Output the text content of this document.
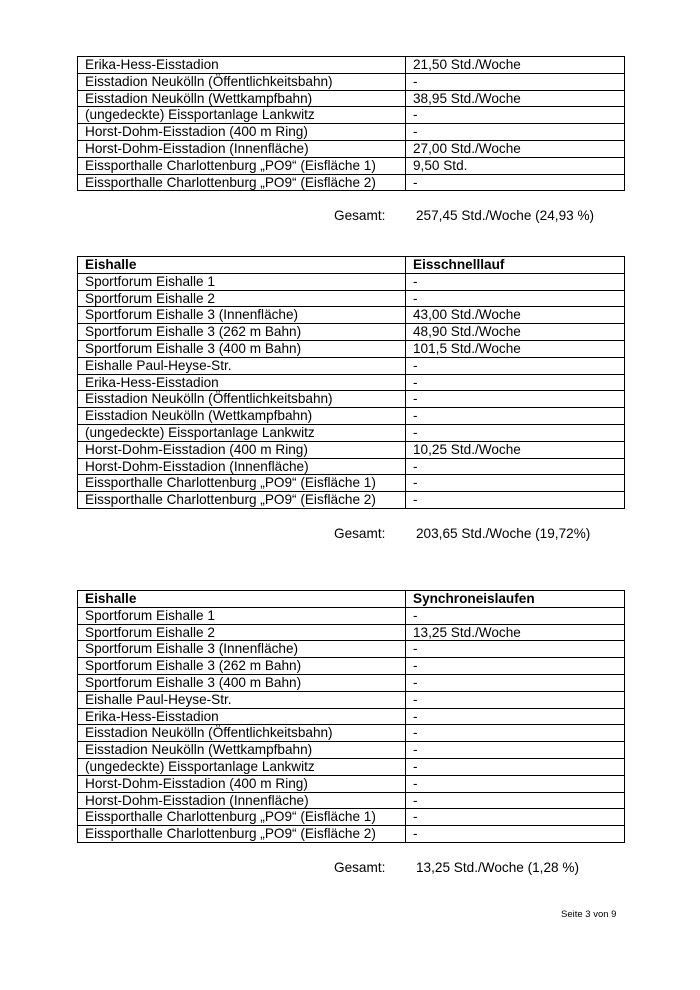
Erika-Hess-Eisstadion	21,50 Std./Woche
Eisstadion Neukölln (Öffentlichkeitsbahn)	-
Eisstadion Neukölln (Wettkampfbahn)	38,95 Std./Woche
(ungedeckte) Eissportanlage Lankwitz	-
Horst-Dohm-Eisstadion (400 m Ring)	-
Horst-Dohm-Eisstadion (Innenfläche)	27,00 Std./Woche
Eissporthalle Charlottenburg „PO9“ (Eisfläche 1)	9,50 Std.
Eissporthalle Charlottenburg „PO9“ (Eisfläche 2)	-
Gesamt: 257,45 Std./Woche (24,93 %)
Eishalle	Eisschnelllauf
Sportforum Eishalle 1	-
Sportforum Eishalle 2	-
Sportforum Eishalle 3 (Innenfläche)	43,00 Std./Woche
Sportforum Eishalle 3 (262 m Bahn)	48,90 Std./Woche
Sportforum Eishalle 3 (400 m Bahn)	101,5 Std./Woche
Eishalle Paul-Heyse-Str.	-
Erika-Hess-Eisstadion	-
Eisstadion Neukölln (Öffentlichkeitsbahn)	-
Eisstadion Neukölln (Wettkampfbahn)	-
(ungedeckte) Eissportanlage Lankwitz	-
Horst-Dohm-Eisstadion (400 m Ring)	10,25 Std./Woche
Horst-Dohm-Eisstadion (Innenfläche)	-
Eissporthalle Charlottenburg „PO9“ (Eisfläche 1)	-
Eissporthalle Charlottenburg „PO9“ (Eisfläche 2)	-
Gesamt: 203,65 Std./Woche (19,72%)
Eishalle	Synchroneislaufen
Sportforum Eishalle 1	-
Sportforum Eishalle 2	13,25 Std./Woche
Sportforum Eishalle 3 (Innenfläche)	-
Sportforum Eishalle 3 (262 m Bahn)	-
Sportforum Eishalle 3 (400 m Bahn)	-
Eishalle Paul-Heyse-Str.	-
Erika-Hess-Eisstadion	-
Eisstadion Neukölln (Öffentlichkeitsbahn)	-
Eisstadion Neukölln (Wettkampfbahn)	-
(ungedeckte) Eissportanlage Lankwitz	-
Horst-Dohm-Eisstadion (400 m Ring)	-
Horst-Dohm-Eisstadion (Innenfläche)	-
Eissporthalle Charlottenburg „PO9“ (Eisfläche 1)	-
Eissporthalle Charlottenburg „PO9“ (Eisfläche 2)	-
Gesamt: 13,25 Std./Woche (1,28 %)
Seite 3 von 9
